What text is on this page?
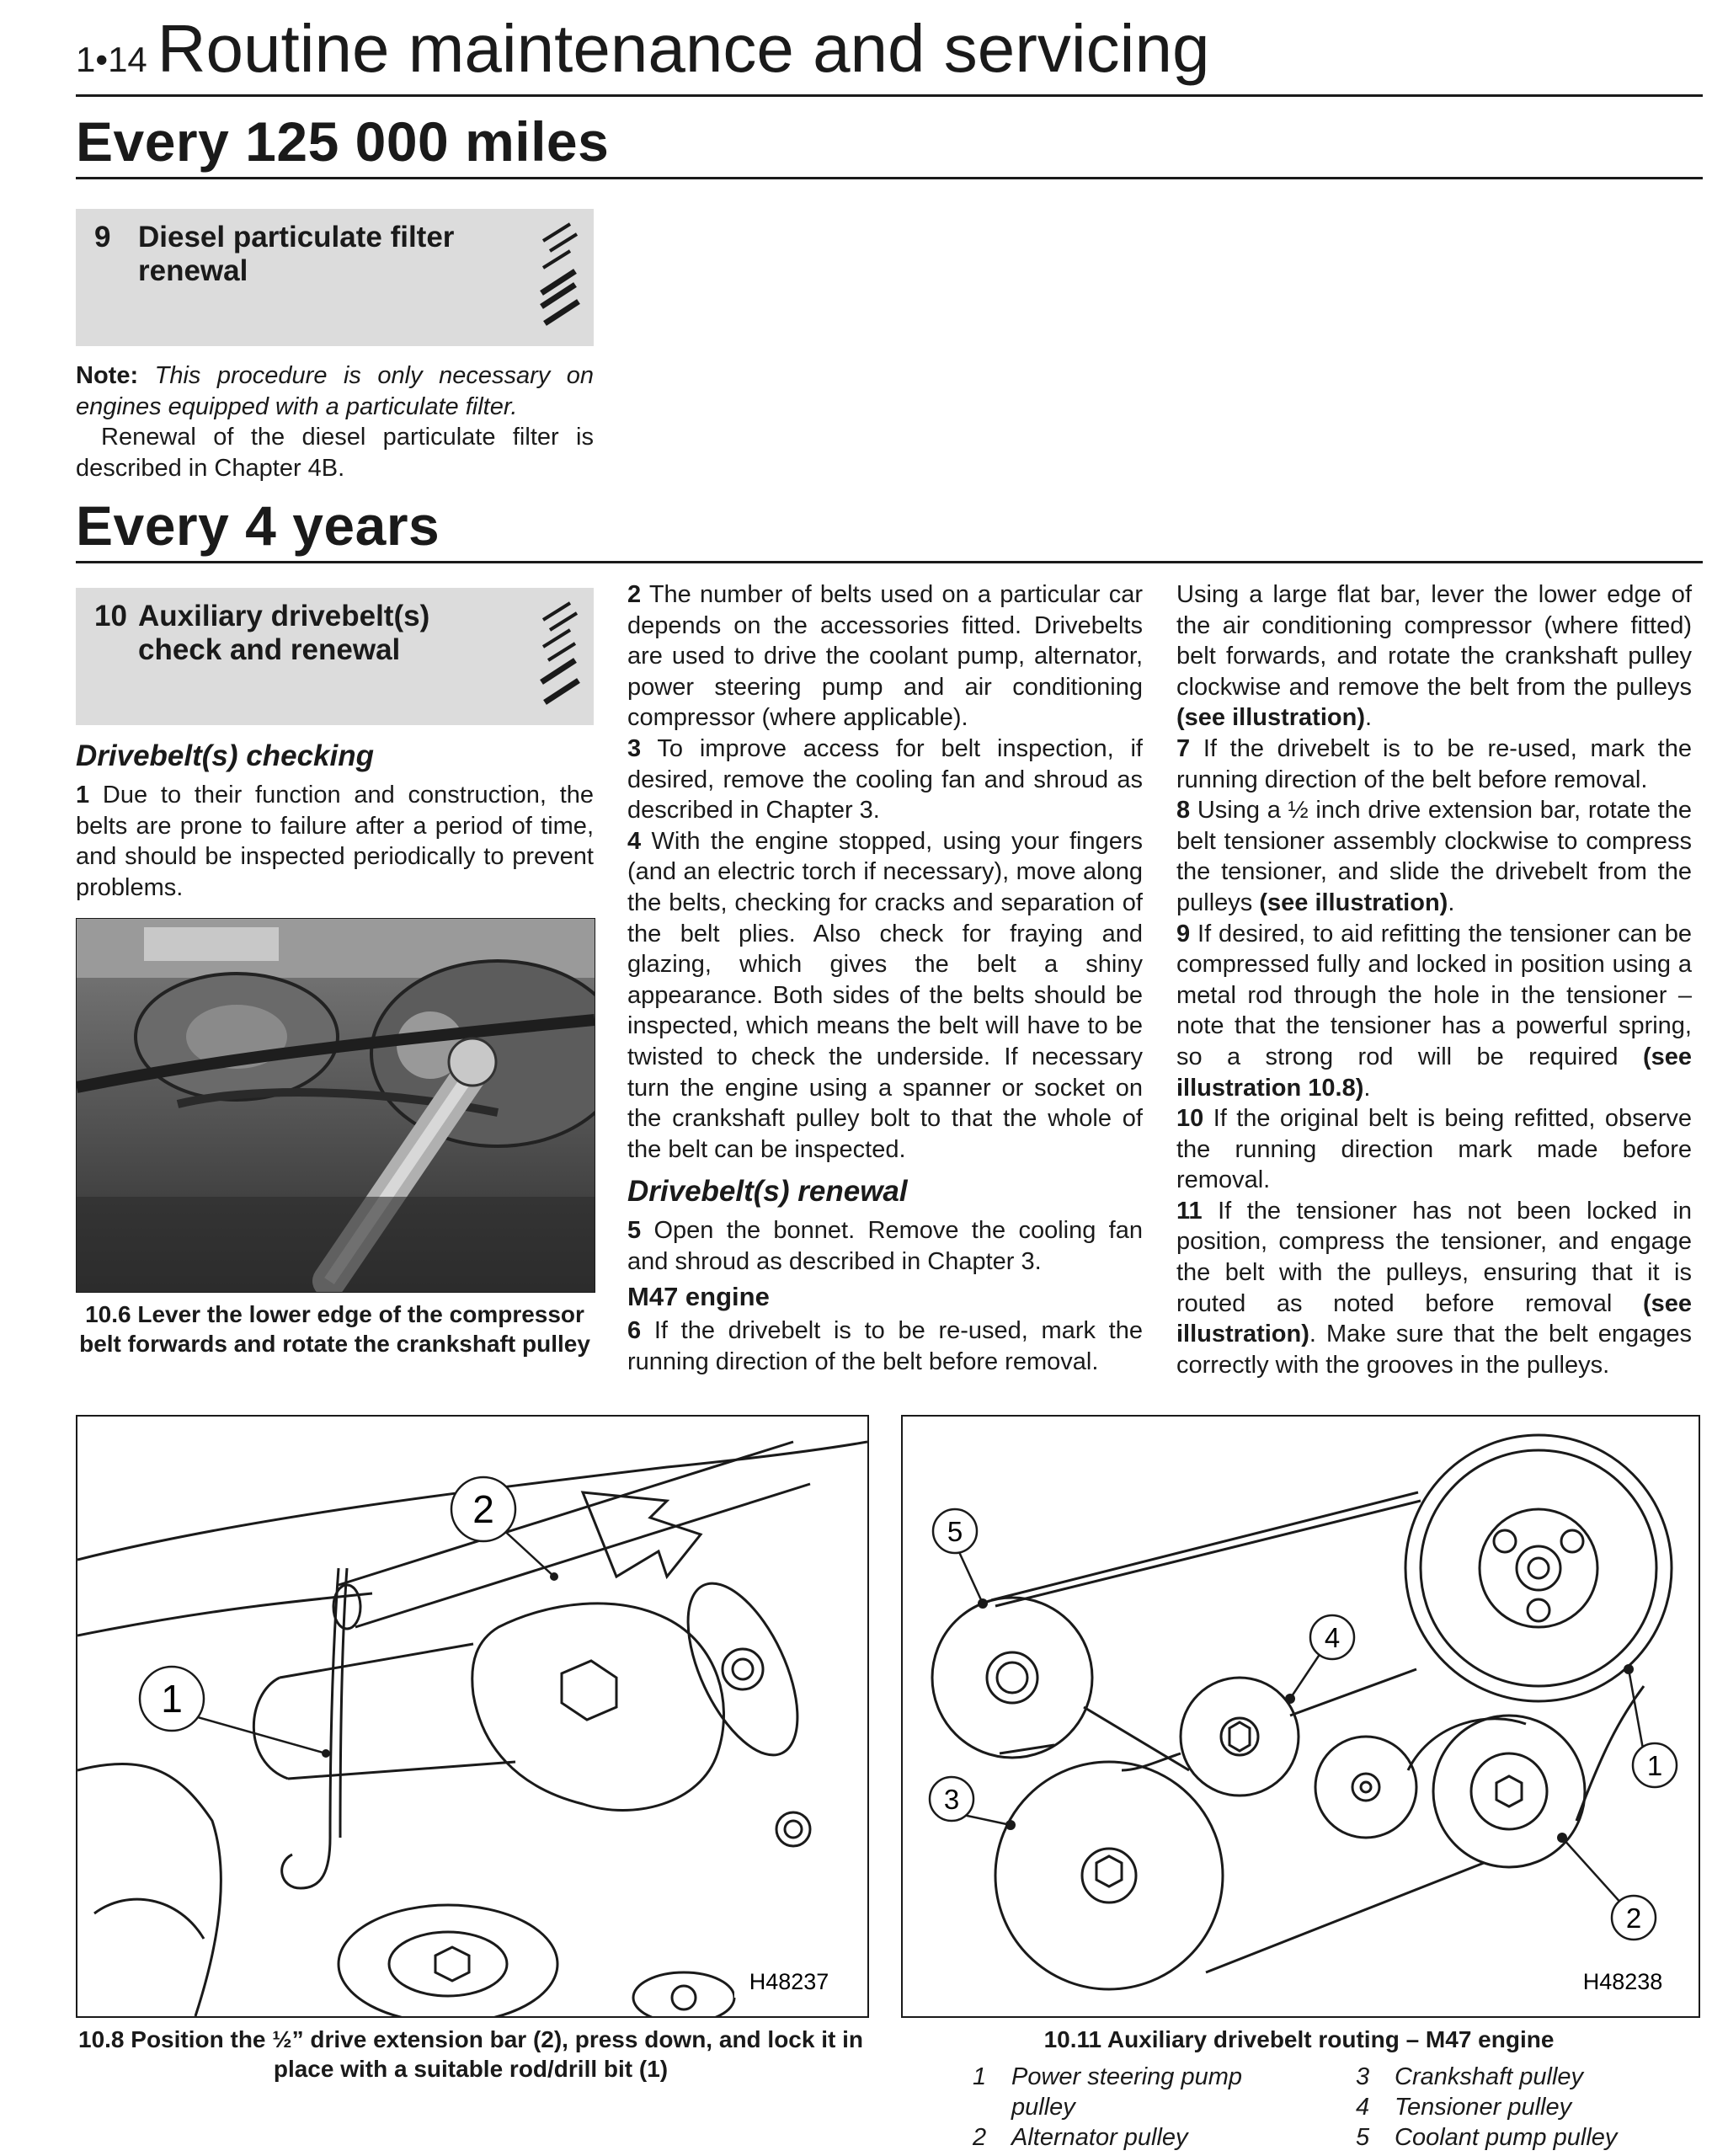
1•14 Routine maintenance and servicing
Every 125 000 miles
9 Diesel particulate filter renewal

Note: This procedure is only necessary on engines equipped with a particulate filter.

Renewal of the diesel particulate filter is described in Chapter 4B.

Every 4 years
10 Auxiliary drivebelt(s) check and renewal
Drivebelt(s) checking

1 Due to their function and construction, the belts are prone to failure after a period of time, and should be inspected periodically to prevent problems.

10.6 Lever the lower edge of the compressor belt forwards and rotate the crankshaft pulley

2 The number of belts used on a particular car depends on the accessories fitted. Drivebelts are used to drive the coolant pump, alternator, power steering pump and air conditioning compressor (where applicable).

3 To improve access for belt inspection, if desired, remove the cooling fan and shroud as described in Chapter 3.

4 With the engine stopped, using your fingers (and an electric torch if necessary), move along the belts, checking for cracks and separation of the belt plies. Also check for fraying and glazing, which gives the belt a shiny appearance. Both sides of the belts should be inspected, which means the belt will have to be twisted to check the underside. If necessary turn the engine using a spanner or socket on the crankshaft pulley bolt to that the whole of the belt can be inspected.

Drivebelt(s) renewal

5 Open the bonnet. Remove the cooling fan and shroud as described in Chapter 3.

M47 engine

6 If the drivebelt is to be re-used, mark the running direction of the belt before removal.

Using a large flat bar, lever the lower edge of the air conditioning compressor (where fitted) belt forwards, and rotate the crankshaft pulley clockwise and remove the belt from the pulleys (see illustration).

7 If the drivebelt is to be re-used, mark the running direction of the belt before removal.

8 Using a ½ inch drive extension bar, rotate the belt tensioner assembly clockwise to compress the tensioner, and slide the drivebelt from the pulleys (see illustration).

9 If desired, to aid refitting the tensioner can be compressed fully and locked in position using a metal rod through the hole in the tensioner – note that the tensioner has a powerful spring, so a strong rod will be required (see illustration 10.8).

10 If the original belt is being refitted, observe the running direction mark made before removal.

11 If the tensioner has not been locked in position, compress the tensioner, and engage the belt with the pulleys, ensuring that it is routed as noted before removal (see illustration). Make sure that the belt engages correctly with the grooves in the pulleys.

1
2
H48237
10.8 Position the ½” drive extension bar (2), press down, and lock it in place with a suitable rod/drill bit (1)
1
2
3
4
5
H48238
10.11 Auxiliary drivebelt routing – M47 engine
1	Power steering pump pulley
2	Alternator pulley
3	Crankshaft pulley
4	Tensioner pulley
5	Coolant pump pulley
